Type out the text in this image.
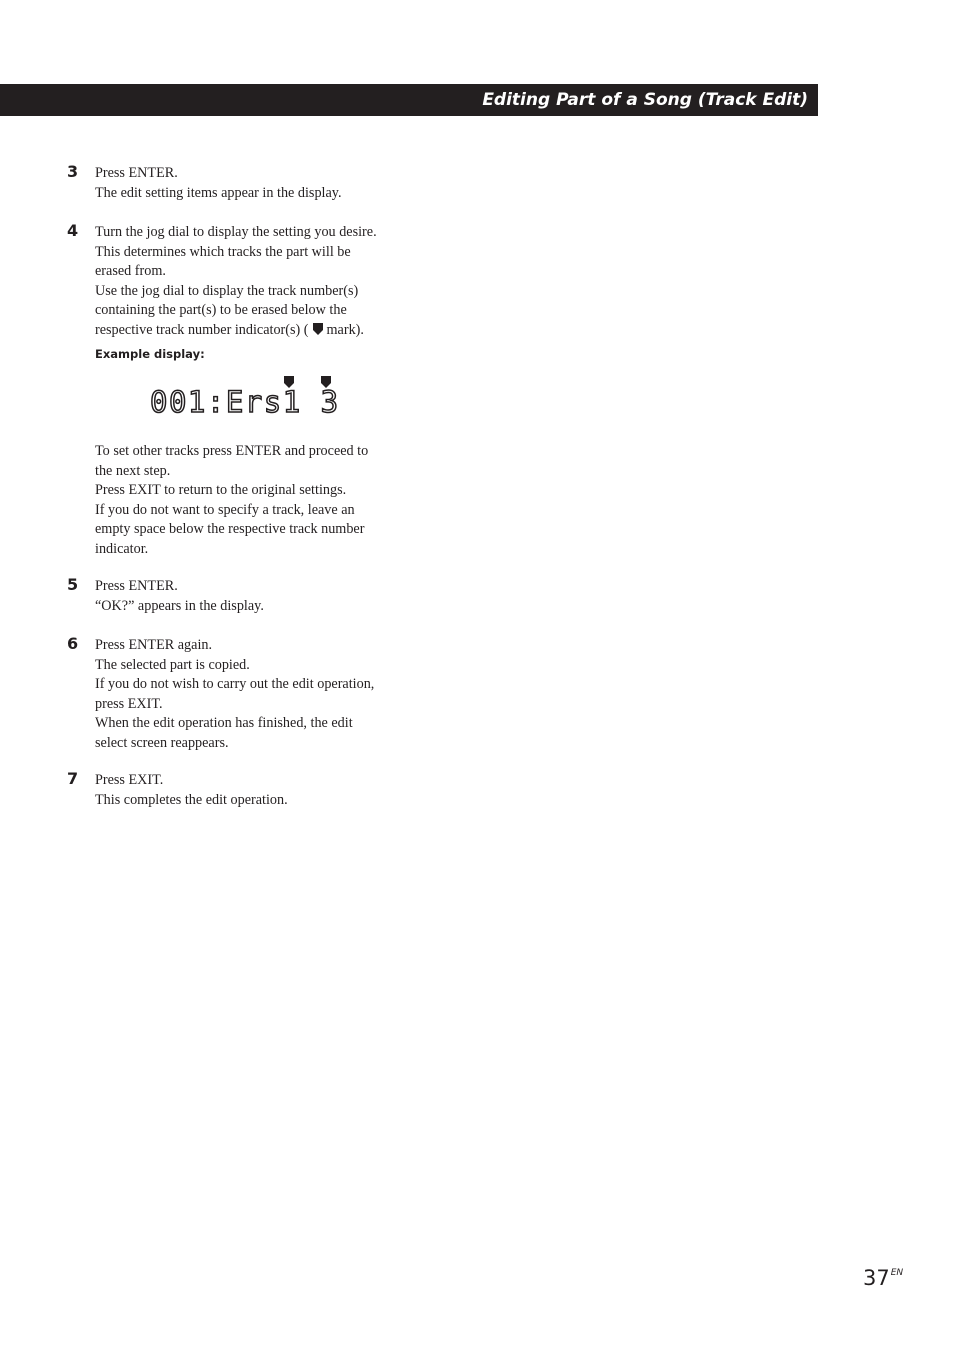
Editing Part of a Song (Track Edit)
3 Press ENTER.

The edit setting items appear in the display.

4 Turn the jog dial to display the setting you desire.

This determines which tracks the part will be

erased from.

Use the jog dial to display the track number(s)

containing the part(s) to be erased below the

respective track number indicator(s) ( mark).

Example display:
001:Ers1 3

To set other tracks press ENTER and proceed to

the next step.

Press EXIT to return to the original settings.

If you do not want to specify a track, leave an

empty space below the respective track number

indicator.

5 Press ENTER.

“OK?” appears in the display.

6 Press ENTER again.

The selected part is copied.

If you do not wish to carry out the edit operation,

press EXIT.

When the edit operation has finished, the edit

select screen reappears.

7 Press EXIT.

This completes the edit operation.

$37^{EN}$
